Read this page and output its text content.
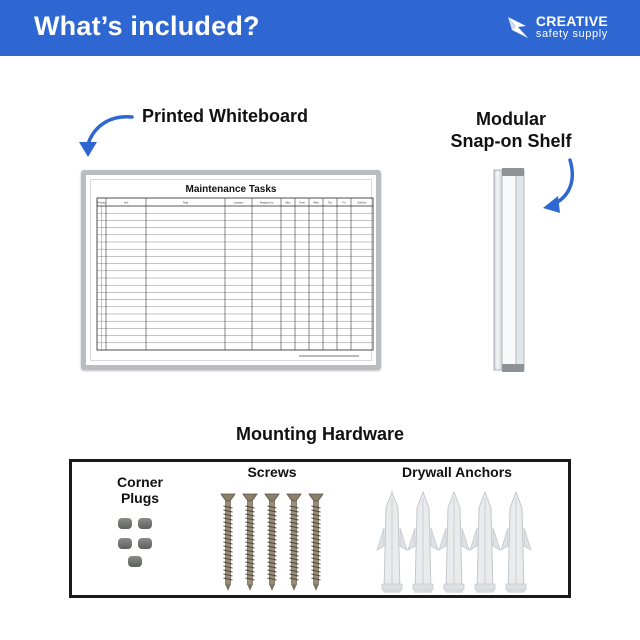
What’s included?	CREATIVE
safety supply
Printed Whiteboard
Maintenance Tasks
Priority	Unit	Task	Location	Assigned to	Mon	Tues	Wed	Thu	Fri	Sat/Sun
Modular
Snap-on Shelf
Mounting Hardware
Corner
Plugs
Screws	Drywall Anchors
